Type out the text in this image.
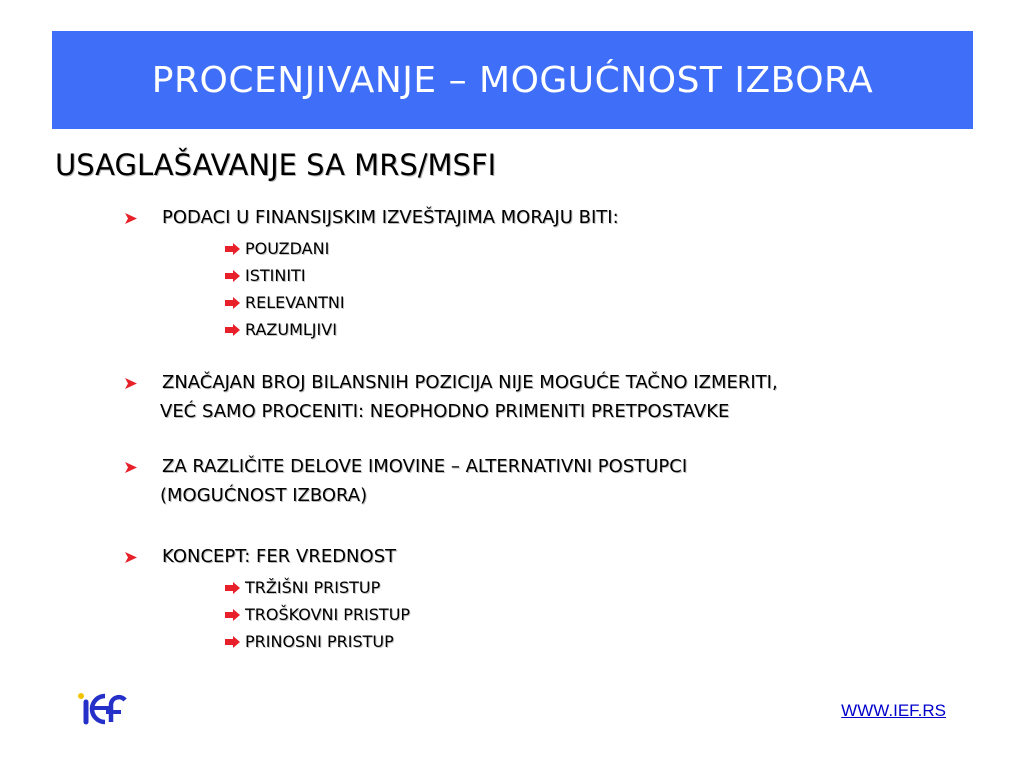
PROCENJIVANJE – MOGUĆNOST IZBORA
USAGLAŠAVANJE SA MRS/MSFI
PODACI U FINANSIJSKIM IZVEŠTAJIMA MORAJU BITI:
POUZDANI
ISTINITI
RELEVANTNI
RAZUMLJIVI
ZNAČAJAN BROJ BILANSNIH POZICIJA NIJE MOGUĆE TAČNO IZMERITI,
VEĆ SAMO PROCENITI: NEOPHODNO PRIMENITI PRETPOSTAVKE
ZA RAZLIČITE DELOVE IMOVINE – ALTERNATIVNI POSTUPCI
(MOGUĆNOST IZBORA)
KONCEPT: FER VREDNOST
TRŽIŠNI PRISTUP
TROŠKOVNI PRISTUP
PRINOSNI PRISTUP
WWW.IEF.RS
